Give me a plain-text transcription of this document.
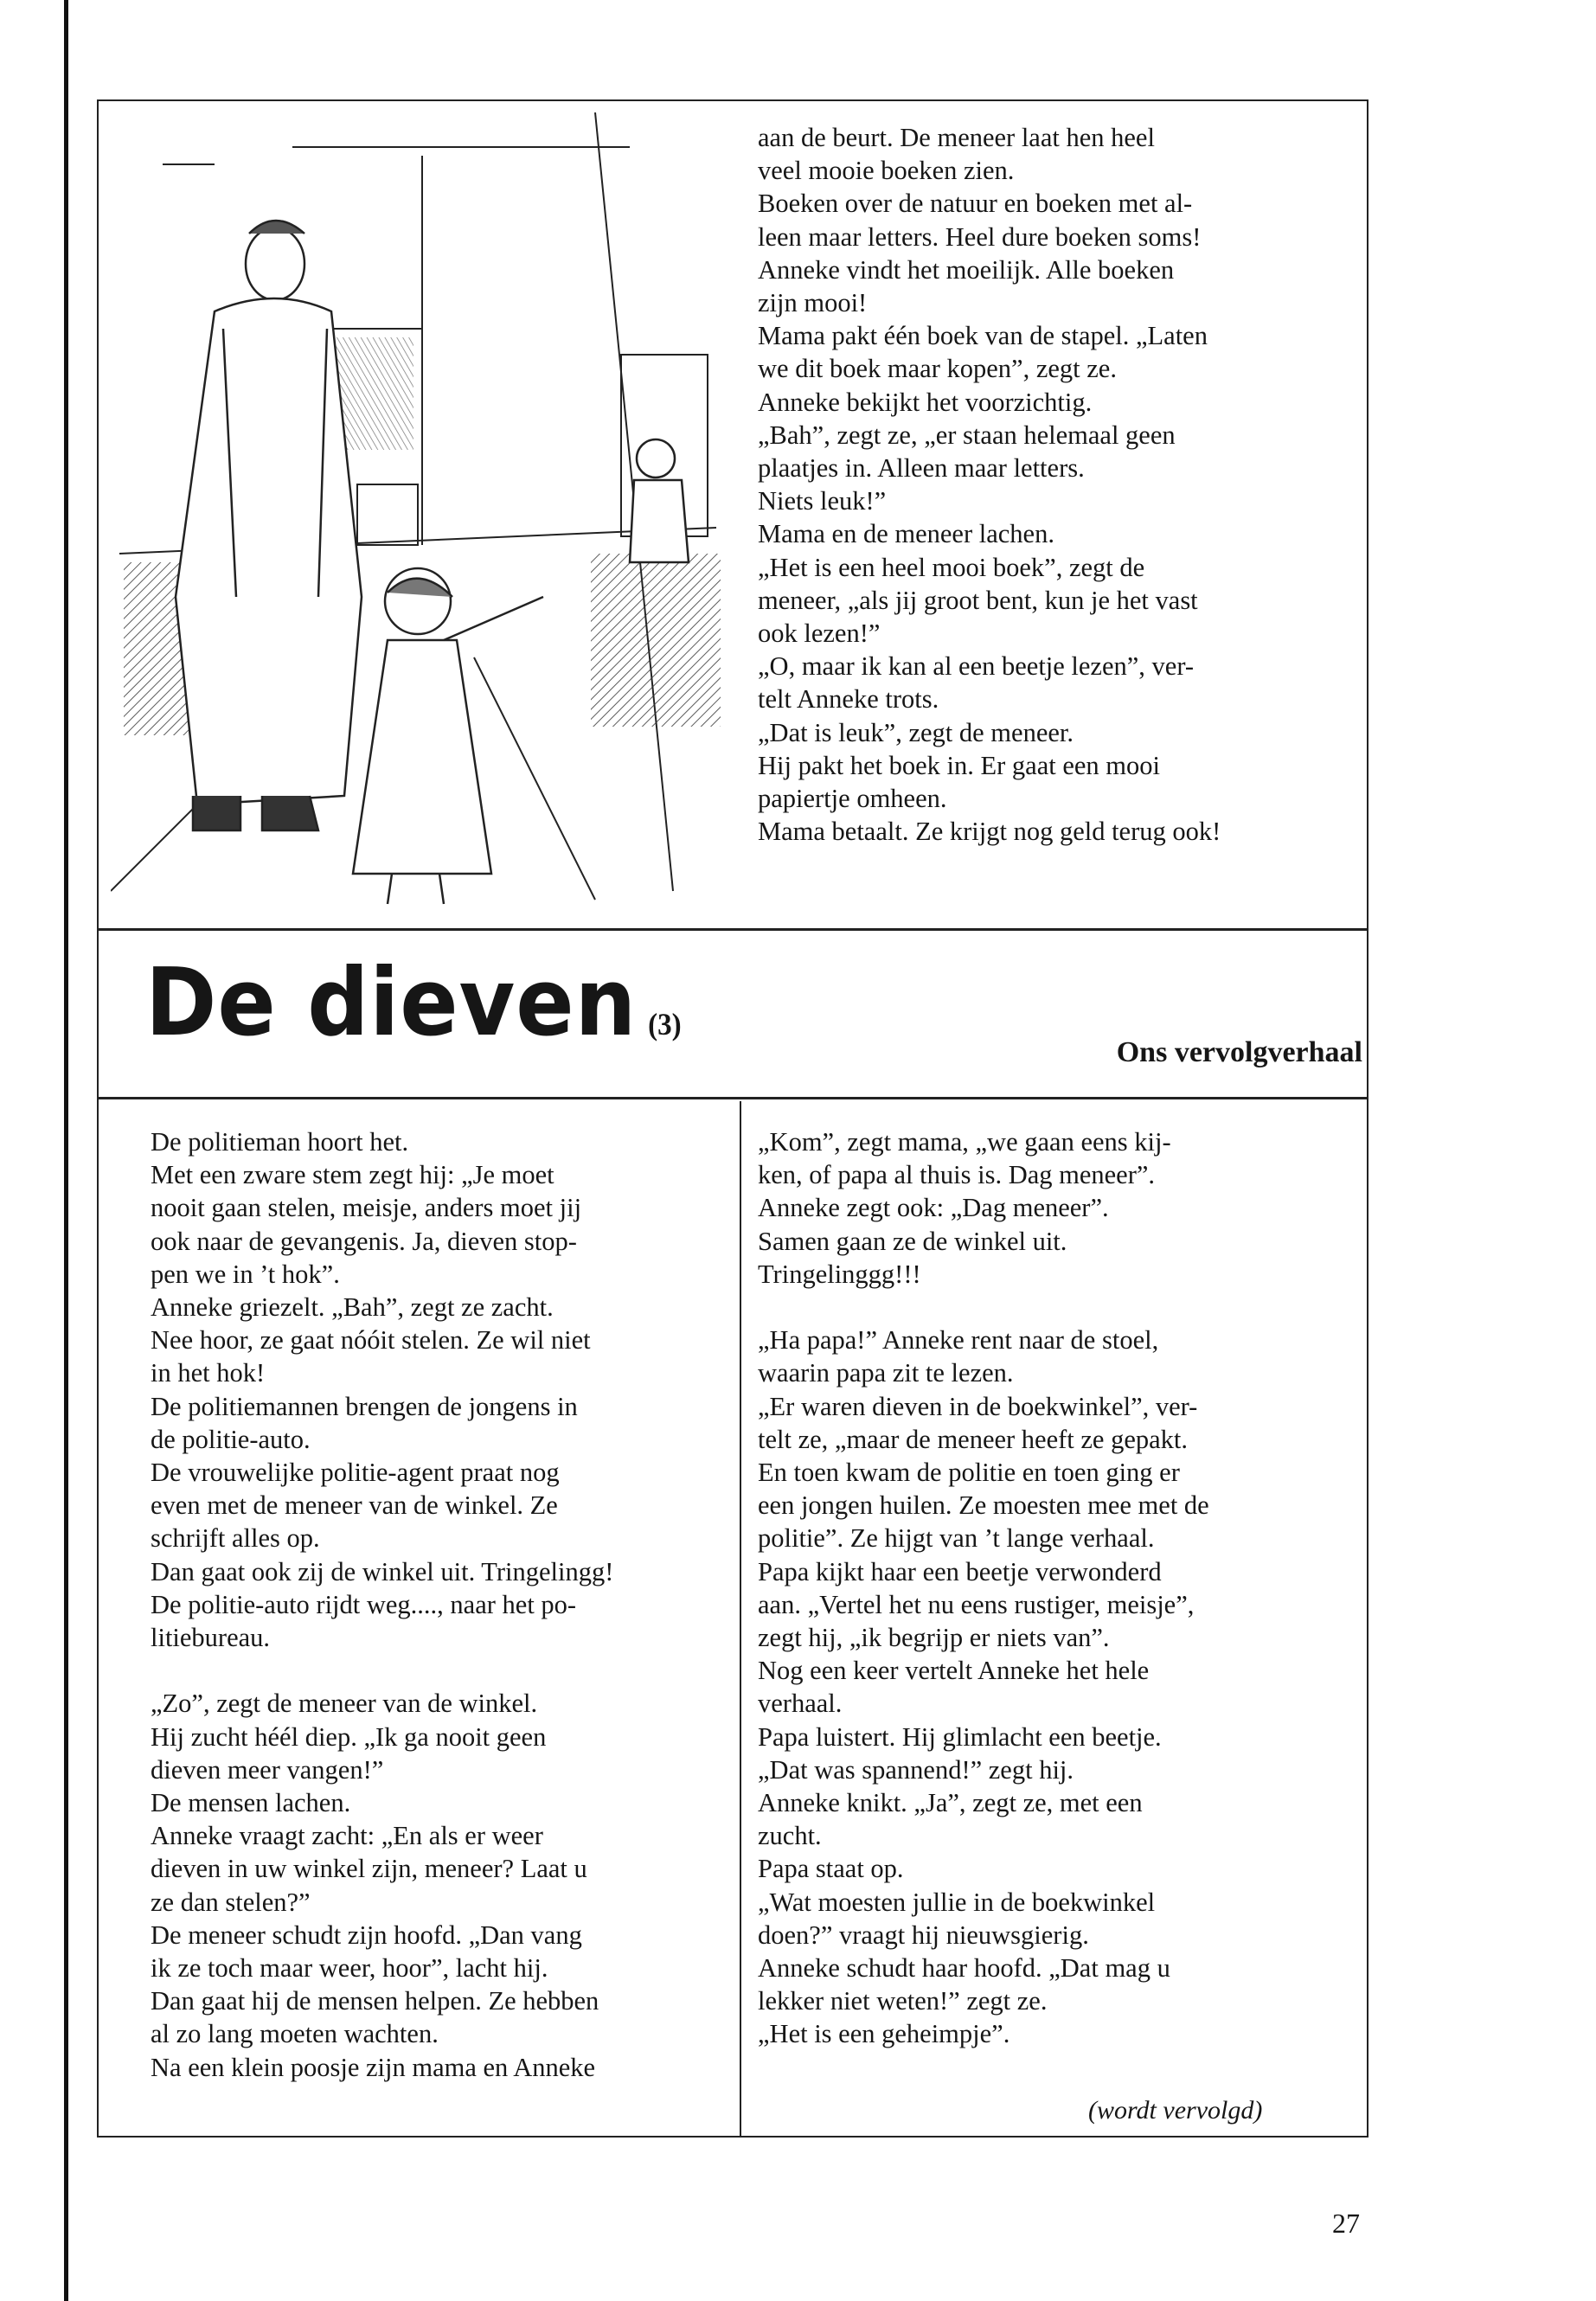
aan de beurt. De meneer laat hen heel
veel mooie boeken zien.
Boeken over de natuur en boeken met al-
leen maar letters. Heel dure boeken soms!
Anneke vindt het moeilijk. Alle boeken
zijn mooi!
Mama pakt één boek van de stapel. „Laten
we dit boek maar kopen”, zegt ze.
Anneke bekijkt het voorzichtig.
„Bah”, zegt ze, „er staan helemaal geen
plaatjes in. Alleen maar letters.
Niets leuk!”
Mama en de meneer lachen.
„Het is een heel mooi boek”, zegt de
meneer, „als jij groot bent, kun je het vast
ook lezen!”
„O, maar ik kan al een beetje lezen”, ver-
telt Anneke trots.
„Dat is leuk”, zegt de meneer.
Hij pakt het boek in. Er gaat een mooi
papiertje omheen.
Mama betaalt. Ze krijgt nog geld terug ook!
De dieven (3)
Ons vervolgverhaal
De politieman hoort het.
Met een zware stem zegt hij: „Je moet
nooit gaan stelen, meisje, anders moet jij
ook naar de gevangenis. Ja, dieven stop-
pen we in ’t hok”.
Anneke griezelt. „Bah”, zegt ze zacht.
Nee hoor, ze gaat nóóit stelen. Ze wil niet
in het hok!
De politiemannen brengen de jongens in
de politie-auto.
De vrouwelijke politie-agent praat nog
even met de meneer van de winkel. Ze
schrijft alles op.
Dan gaat ook zij de winkel uit. Tringelingg!
De politie-auto rijdt weg...., naar het po-
litiebureau.
„Zo”, zegt de meneer van de winkel.
Hij zucht héél diep. „Ik ga nooit geen
dieven meer vangen!”
De mensen lachen.
Anneke vraagt zacht: „En als er weer
dieven in uw winkel zijn, meneer? Laat u
ze dan stelen?”
De meneer schudt zijn hoofd. „Dan vang
ik ze toch maar weer, hoor”, lacht hij.
Dan gaat hij de mensen helpen. Ze hebben
al zo lang moeten wachten.
Na een klein poosje zijn mama en Anneke
„Kom”, zegt mama, „we gaan eens kij-
ken, of papa al thuis is. Dag meneer”.
Anneke zegt ook: „Dag meneer”.
Samen gaan ze de winkel uit.
Tringelinggg!!!
„Ha papa!” Anneke rent naar de stoel,
waarin papa zit te lezen.
„Er waren dieven in de boekwinkel”, ver-
telt ze, „maar de meneer heeft ze gepakt.
En toen kwam de politie en toen ging er
een jongen huilen. Ze moesten mee met de
politie”. Ze hijgt van ’t lange verhaal.
Papa kijkt haar een beetje verwonderd
aan. „Vertel het nu eens rustiger, meisje”,
zegt hij, „ik begrijp er niets van”.
Nog een keer vertelt Anneke het hele
verhaal.
Papa luistert. Hij glimlacht een beetje.
„Dat was spannend!” zegt hij.
Anneke knikt. „Ja”, zegt ze, met een
zucht.
Papa staat op.
„Wat moesten jullie in de boekwinkel
doen?” vraagt hij nieuwsgierig.
Anneke schudt haar hoofd. „Dat mag u
lekker niet weten!” zegt ze.
„Het is een geheimpje”.
(wordt vervolgd)
27
